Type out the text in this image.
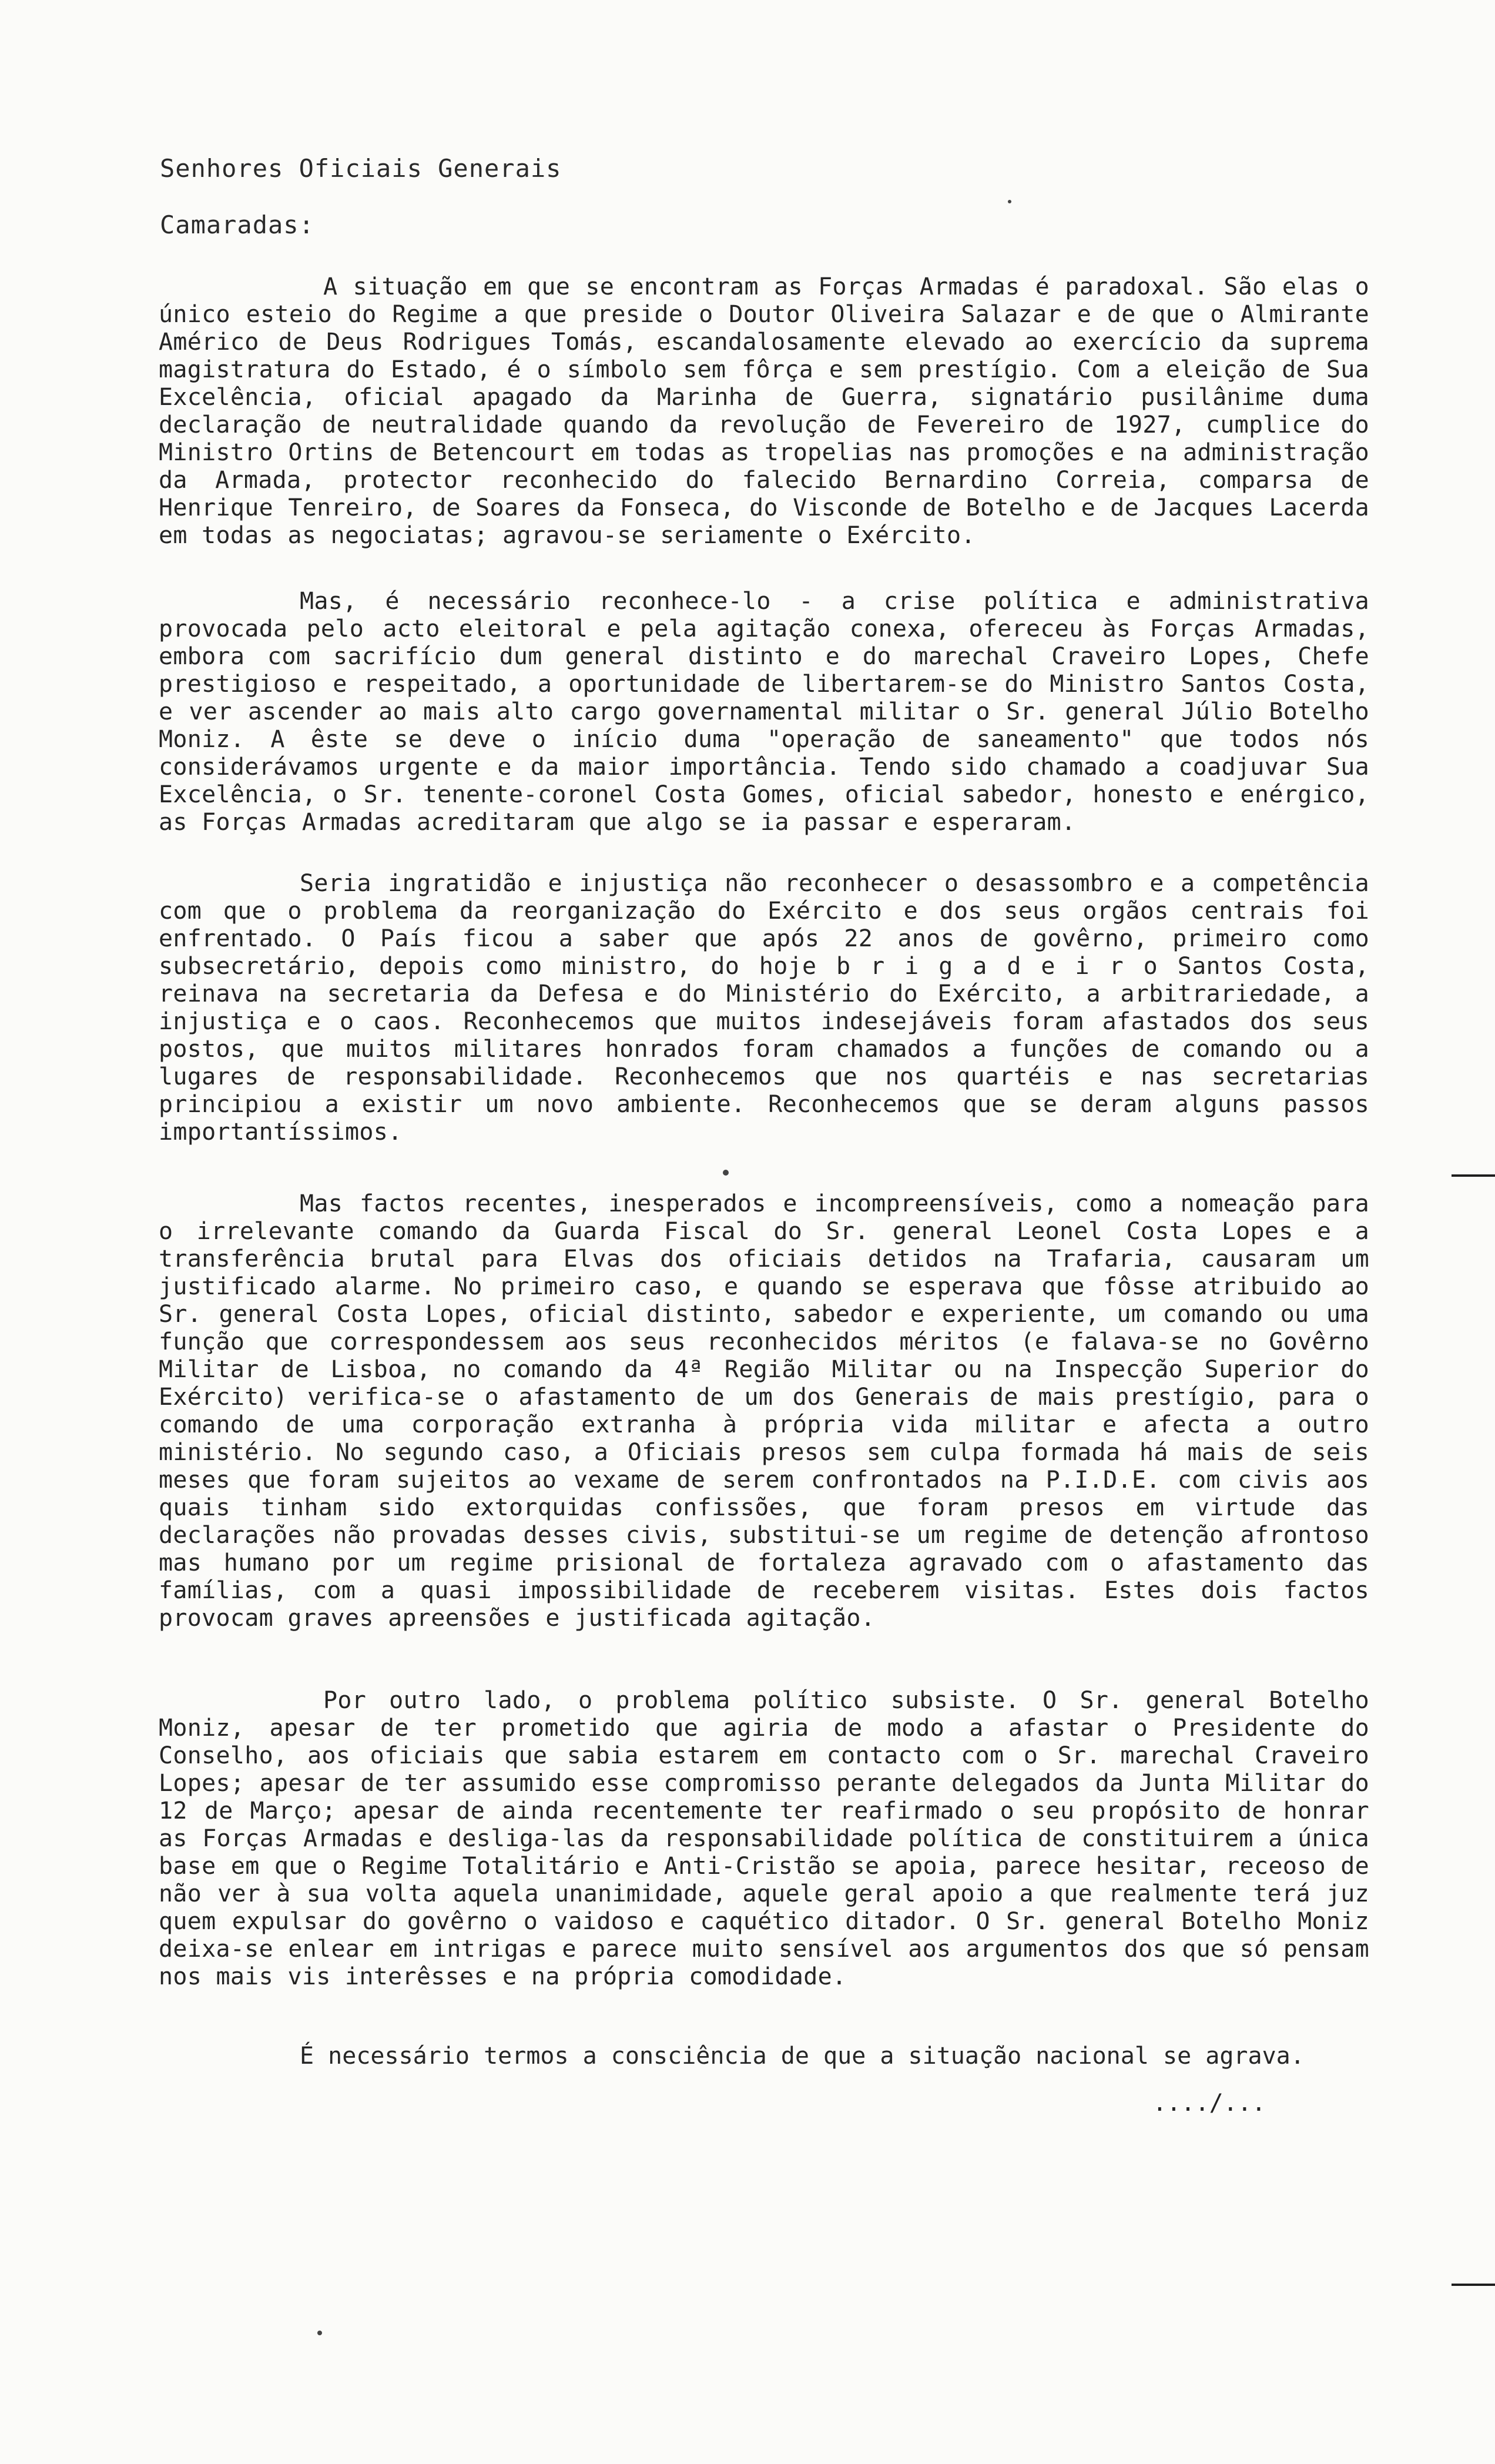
Senhores Oficiais Generais
Camaradas:

A situação em que se encontram as Forças Armadas é paradoxal. São elas o único esteio do Regime a que preside o Doutor Oliveira Salazar e de que o Almirante Américo de Deus Rodrigues Tomás, escandalosamente elevado ao exercício da suprema magistratura do Estado, é o símbolo sem fôrça e sem prestígio. Com a eleição de Sua Excelência, oficial apagado da Marinha de Guerra, signatário pusilânime duma declaração de neutralidade quando da revolução de Fevereiro de 1927, cumplice do Ministro Ortins de Betencourt em todas as tropelias nas promoções e na administração da Armada, protector reconhecido do falecido Bernardino Correia, comparsa de Henrique Tenreiro, de Soares da Fonseca, do Visconde de Botelho e de Jacques Lacerda em todas as negociatas; agravou-se seriamente o Exército.

Mas, é necessário reconhece-lo - a crise política e administrativa provocada pelo acto eleitoral e pela agitação conexa, ofereceu às Forças Armadas, embora com sacrifício dum general distinto e do marechal Craveiro Lopes, Chefe prestigioso e respeitado, a oportunidade de libertarem-se do Ministro Santos Costa, e ver ascender ao mais alto cargo governamental militar o Sr. general Júlio Botelho Moniz. A êste se deve o início duma "operação de saneamento" que todos nós considerávamos urgente e da maior importância. Tendo sido chamado a coadjuvar Sua Excelência, o Sr. tenente-coronel Costa Gomes, oficial sabedor, honesto e enérgico, as Forças Armadas acreditaram que algo se ia passar e esperaram.

Seria ingratidão e injustiça não reconhecer o desassombro e a competência com que o problema da reorganização do Exército e dos seus orgãos centrais foi enfrentado. O País ficou a saber que após 22 anos de govêrno, primeiro como subsecretário, depois como ministro, do hoje b r i g a d e i r o Santos Costa, reinava na secretaria da Defesa e do Ministério do Exército, a arbitrariedade, a injustiça e o caos. Reconhecemos que muitos indesejáveis foram afastados dos seus postos, que muitos militares honrados foram chamados a funções de comando ou a lugares de responsabilidade. Reconhecemos que nos quartéis e nas secretarias principiou a existir um novo ambiente. Reconhecemos que se deram alguns passos importantíssimos.

Mas factos recentes, inesperados e incompreensíveis, como a nomeação para o irrelevante comando da Guarda Fiscal do Sr. general Leonel Costa Lopes e a transferência brutal para Elvas dos oficiais detidos na Trafaria, causaram um justificado alarme. No primeiro caso, e quando se esperava que fôsse atribuido ao Sr. general Costa Lopes, oficial distinto, sabedor e experiente, um comando ou uma função que correspondessem aos seus reconhecidos méritos (e falava-se no Govêrno Militar de Lisboa, no comando da 4ª Região Militar ou na Inspecção Superior do Exército) verifica-se o afastamento de um dos Generais de mais prestígio, para o comando de uma corporação extranha à própria vida militar e afecta a outro ministério. No segundo caso, a Oficiais presos sem culpa formada há mais de seis meses que foram sujeitos ao vexame de serem confrontados na P.I.D.E. com civis aos quais tinham sido extorquidas confissões, que foram presos em virtude das declarações não provadas desses civis, substitui-se um regime de detenção afrontoso mas humano por um regime prisional de fortaleza agravado com o afastamento das famílias, com a quasi impossibilidade de receberem visitas. Estes dois factos provocam graves apreensões e justificada agitação.

Por outro lado, o problema político subsiste. O Sr. general Botelho Moniz, apesar de ter prometido que agiria de modo a afastar o Presidente do Conselho, aos oficiais que sabia estarem em contacto com o Sr. marechal Craveiro Lopes; apesar de ter assumido esse compromisso perante delegados da Junta Militar do 12 de Março; apesar de ainda recentemente ter reafirmado o seu propósito de honrar as Forças Armadas e desliga-las da responsabilidade política de constituirem a única base em que o Regime Totalitário e Anti-Cristão se apoia, parece hesitar, receoso de não ver à sua volta aquela unanimidade, aquele geral apoio a que realmente terá juz quem expulsar do govêrno o vaidoso e caquético ditador. O Sr. general Botelho Moniz deixa-se enlear em intrigas e parece muito sensível aos argumentos dos que só pensam nos mais vis interêsses e na própria comodidade.

É necessário termos a consciência de que a situação nacional se agrava.
..../...
